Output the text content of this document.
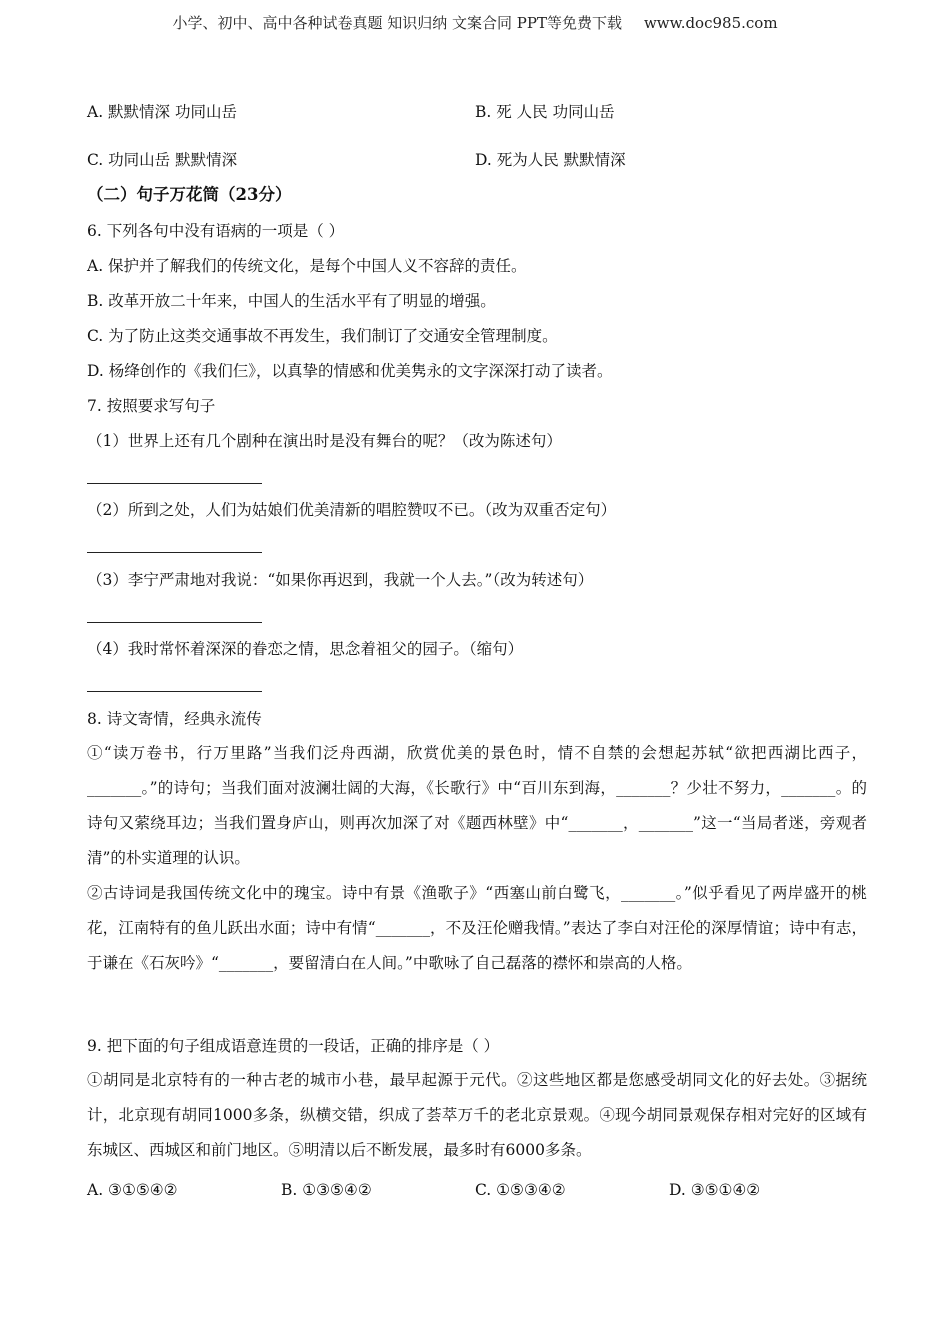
小学、初中、高中各种试卷真题 知识归纳 文案合同 PPT等免费下载 www.doc985.com
A. 默默情深 功同山岳	B. 死 人民 功同山岳
C. 功同山岳 默默情深	D. 死为人民 默默情深
（二）句子万花筒（23分）
6. 下列各句中没有语病的一项是（ ）
A. 保护并了解我们的传统文化，是每个中国人义不容辞的责任。
B. 改革开放二十年来，中国人的生活水平有了明显的增强。
C. 为了防止这类交通事故不再发生，我们制订了交通安全管理制度。
D. 杨绛创作的《我们仨》，以真挚的情感和优美隽永的文字深深打动了读者。
7. 按照要求写句子
（1）世界上还有几个剧种在演出时是没有舞台的呢？（改为陈述句）
（2）所到之处，人们为姑娘们优美清新的唱腔赞叹不已。（改为双重否定句）
（3）李宁严肃地对我说：“如果你再迟到，我就一个人去。”（改为转述句）
（4）我时常怀着深深的眷恋之情，思念着祖父的园子。（缩句）
8. 诗文寄情，经典永流传

①“读万卷书，行万里路”当我们泛舟西湖，欣赏优美的景色时，情不自禁的会想起苏轼“欲把西湖比西子，_______。”的诗句；当我们面对波澜壮阔的大海，《长歌行》中“百川东到海，_______？少壮不努力，_______。的诗句又萦绕耳边；当我们置身庐山，则再次加深了对《题西林壁》中“_______，_______”这一“当局者迷，旁观者清”的朴实道理的认识。

②古诗词是我国传统文化中的瑰宝。诗中有景《渔歌子》“西塞山前白鹭飞，_______。”似乎看见了两岸盛开的桃花，江南特有的鱼儿跃出水面；诗中有情“_______，不及汪伦赠我情。”表达了李白对汪伦的深厚情谊；诗中有志，于谦在《石灰吟》“_______，要留清白在人间。”中歌咏了自己磊落的襟怀和崇高的人格。

9. 把下面的句子组成语意连贯的一段话，正确的排序是（ ）

①胡同是北京特有的一种古老的城市小巷，最早起源于元代。②这些地区都是您感受胡同文化的好去处。③据统计，北京现有胡同1000多条，纵横交错，织成了荟萃万千的老北京景观。④现今胡同景观保存相对完好的区域有东城区、西城区和前门地区。⑤明清以后不断发展，最多时有6000多条。

A. ③①⑤④②	B. ①③⑤④②	C. ①⑤③④②	D. ③⑤①④②
